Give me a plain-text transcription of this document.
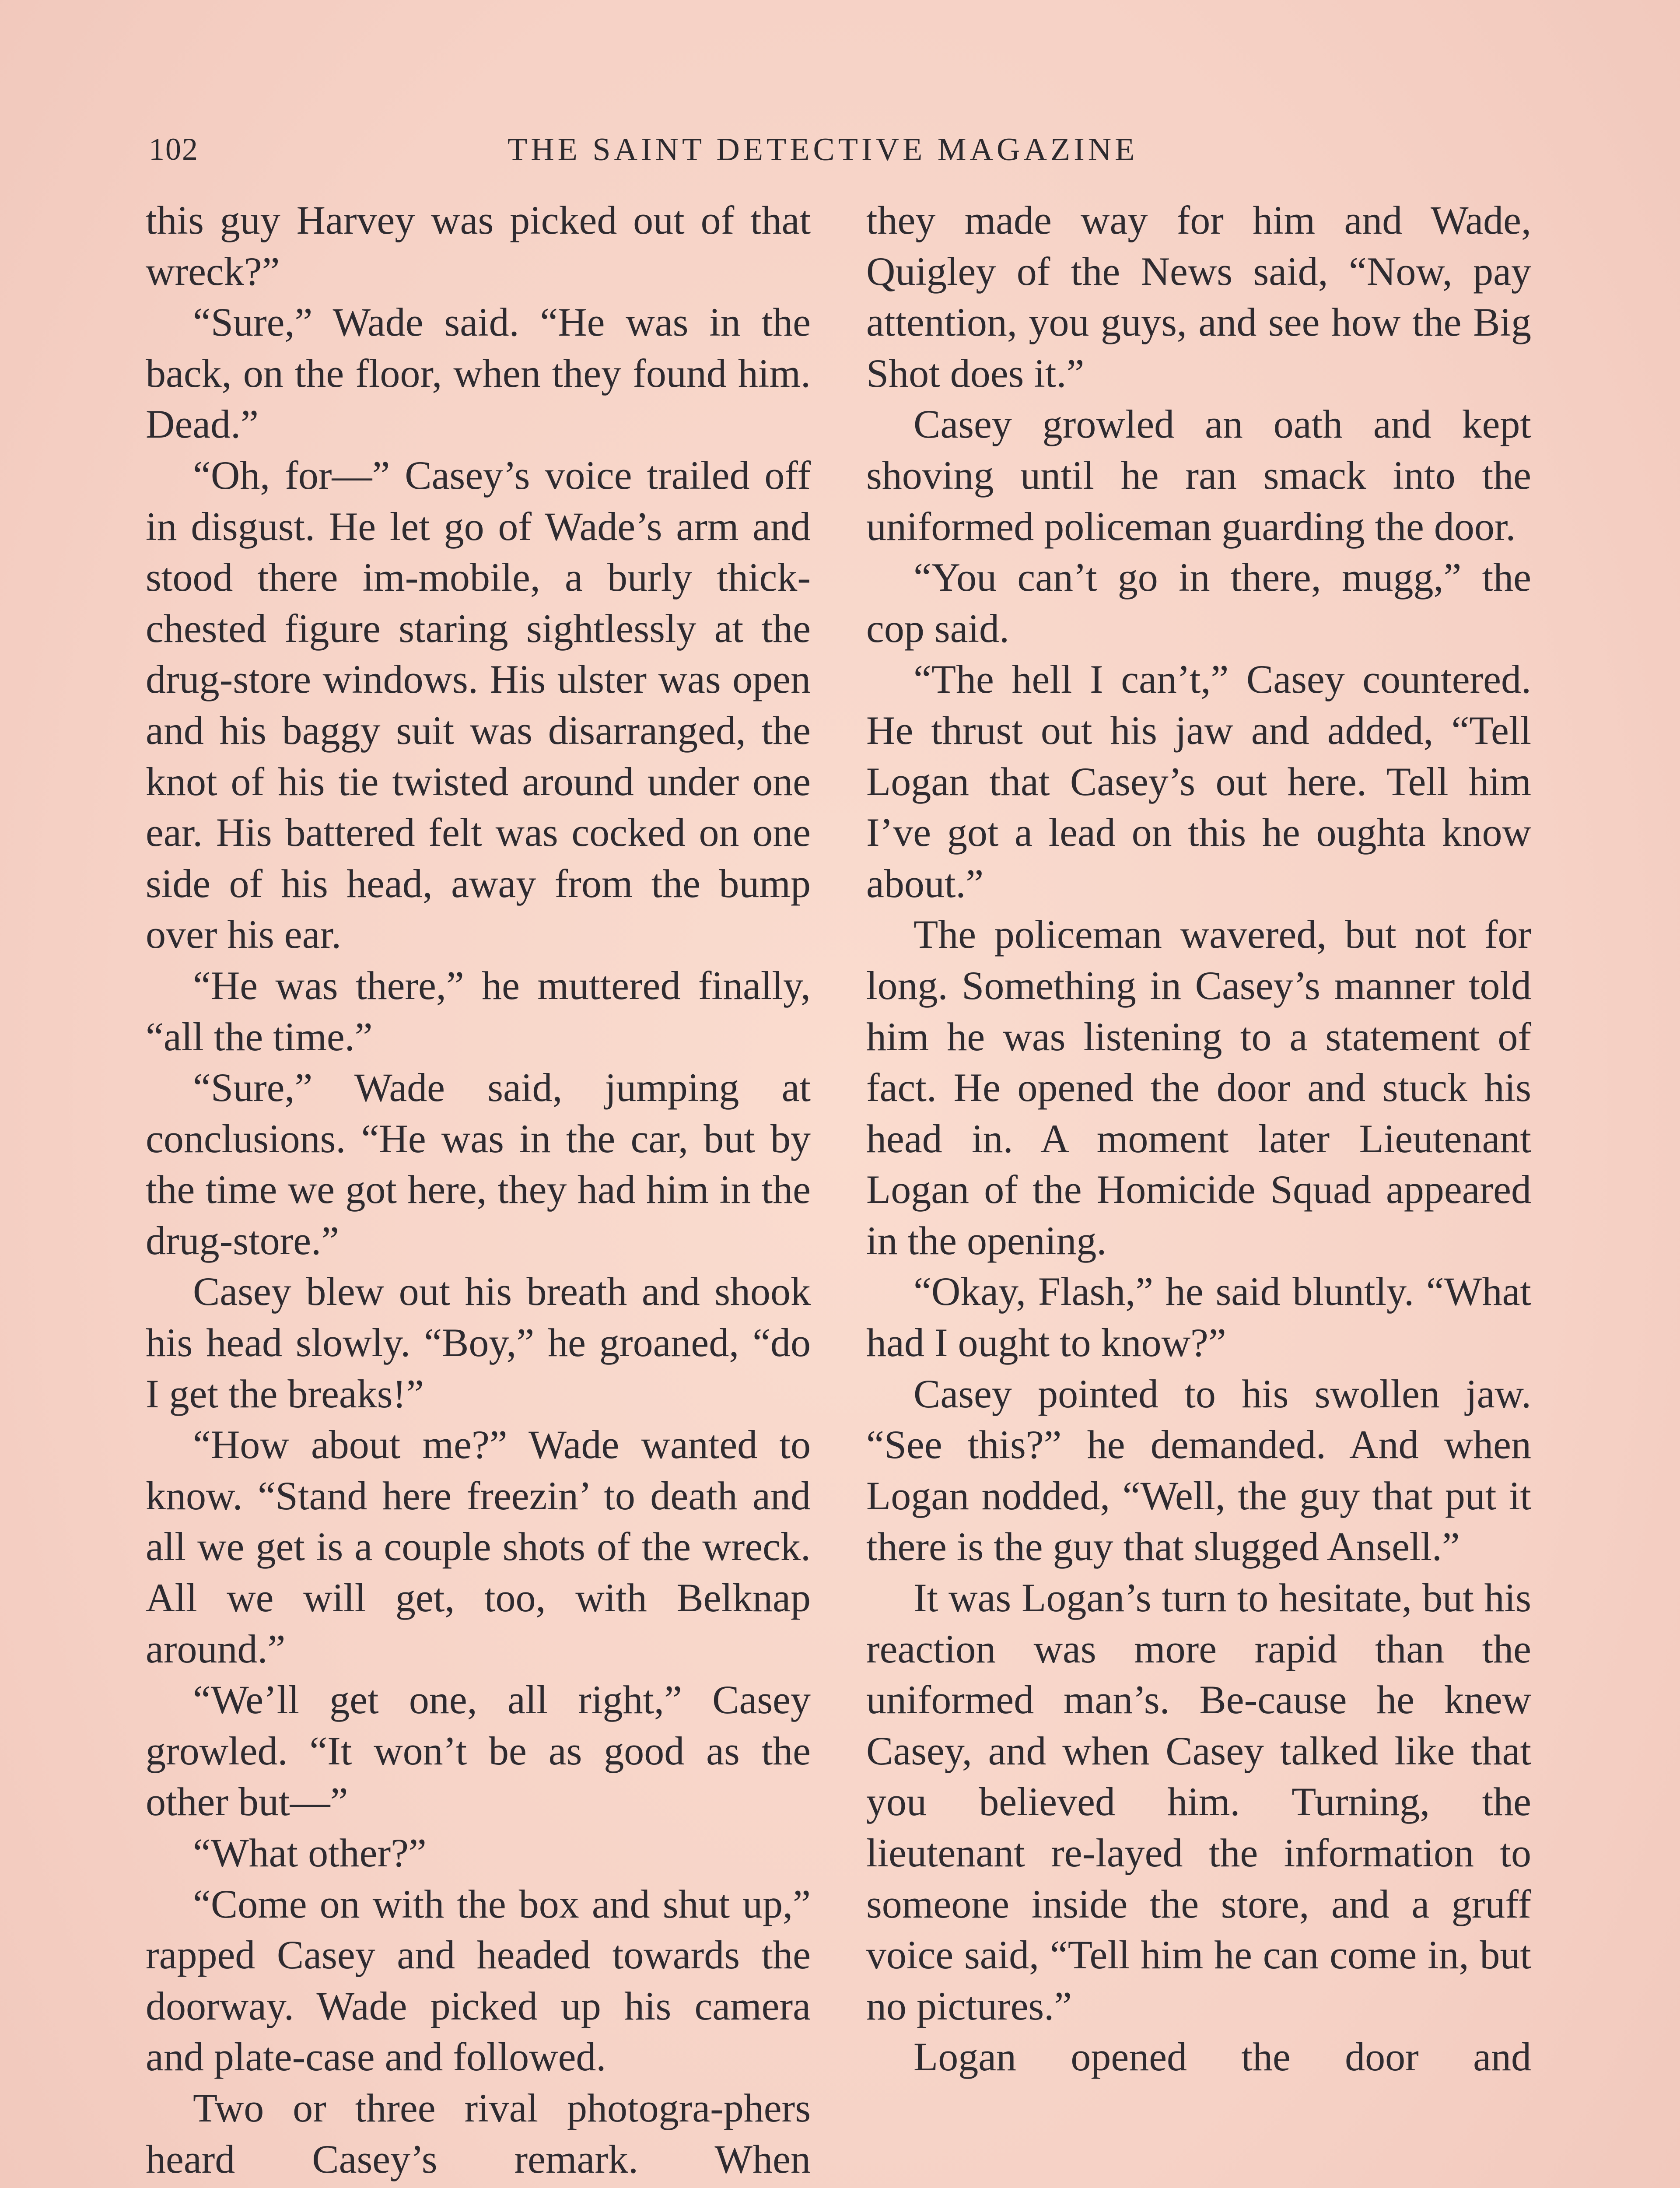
102	THE SAINT DETECTIVE MAGAZINE

this guy Harvey was picked out of that wreck?”

“Sure,” Wade said. “He was in the back, on the floor, when they found him. Dead.”

“Oh, for—” Casey’s voice trailed off in disgust. He let go of Wade’s arm and stood there im-mobile, a burly thick-chested figure staring sightlessly at the drug-store windows. His ulster was open and his baggy suit was disarranged, the knot of his tie twisted around under one ear. His battered felt was cocked on one side of his head, away from the bump over his ear.

“He was there,” he muttered finally, “all the time.”

“Sure,” Wade said, jumping at conclusions. “He was in the car, but by the time we got here, they had him in the drug-store.”

Casey blew out his breath and shook his head slowly. “Boy,” he groaned, “do I get the breaks!”

“How about me?” Wade wanted to know. “Stand here freezin’ to death and all we get is a couple shots of the wreck. All we will get, too, with Belknap around.”

“We’ll get one, all right,” Casey growled. “It won’t be as good as the other but—”

“What other?”

“Come on with the box and shut up,” rapped Casey and headed towards the doorway. Wade picked up his camera and plate-case and followed.

Two or three rival photogra-phers heard Casey’s remark. When

they made way for him and Wade, Quigley of the News said, “Now, pay attention, you guys, and see how the Big Shot does it.”

Casey growled an oath and kept shoving until he ran smack into the uniformed policeman guarding the door.

“You can’t go in there, mugg,” the cop said.

“The hell I can’t,” Casey countered. He thrust out his jaw and added, “Tell Logan that Casey’s out here. Tell him I’ve got a lead on this he oughta know about.”

The policeman wavered, but not for long. Something in Casey’s manner told him he was listening to a statement of fact. He opened the door and stuck his head in. A moment later Lieutenant Logan of the Homicide Squad appeared in the opening.

“Okay, Flash,” he said bluntly. “What had I ought to know?”

Casey pointed to his swollen jaw. “See this?” he demanded. And when Logan nodded, “Well, the guy that put it there is the guy that slugged Ansell.”

It was Logan’s turn to hesitate, but his reaction was more rapid than the uniformed man’s. Be-cause he knew Casey, and when Casey talked like that you believed him. Turning, the lieutenant re-layed the information to someone inside the store, and a gruff voice said, “Tell him he can come in, but no pictures.”

Logan opened the door and
